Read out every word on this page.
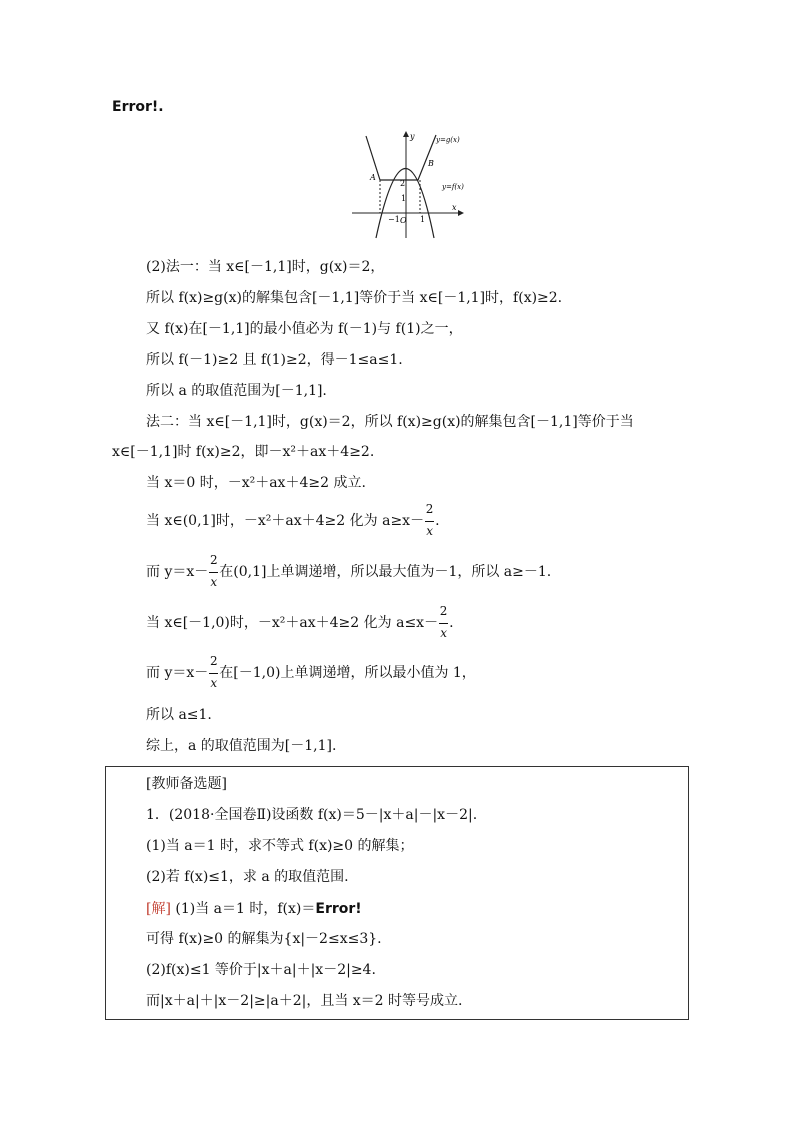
Error!.
y	y=g(x)
B
A
y=f(x)
2
1
−1 O 1
x
(2)法一：当 x∈[－1,1]时，g(x)＝2，
所以 f(x)≥g(x)的解集包含[－1,1]等价于当 x∈[－1,1]时，f(x)≥2.
又 f(x)在[－1,1]的最小值必为 f(－1)与 f(1)之一，
所以 f(－1)≥2 且 f(1)≥2，得－1≤a≤1.
所以 a 的取值范围为[－1,1].
法二：当 x∈[－1,1]时，g(x)＝2，所以 f(x)≥g(x)的解集包含[－1,1]等价于当
x∈[－1,1]时 f(x)≥2，即－x²＋ax＋4≥2.
当 x＝0 时，－x²＋ax＋4≥2 成立.
当 x∈(0,1]时，－x²＋ax＋4≥2 化为 $a\ge x- \frac{2}{x}$ .
而 $y=x- \frac{2}{x}$ 在(0,1]上单调递增，所以最大值为－1，所以 a≥－1.
当 x∈[－1,0)时，－x²＋ax＋4≥2 化为 $a\le x- \frac{2}{x}$ .
而 $y=x- \frac{2}{x}$ 在[－1,0)上单调递增，所以最小值为 1，
所以 a≤1.
综上，a 的取值范围为[－1,1].
[教师备选题]
1．(2018·全国卷Ⅱ)设函数 f(x)＝5－|x＋a|－|x－2|.
(1)当 a＝1 时，求不等式 f(x)≥0 的解集；
(2)若 f(x)≤1，求 a 的取值范围.
[解] (1)当 a＝1 时，f(x)＝Error!
可得 f(x)≥0 的解集为{x|－2≤x≤3}.
(2)f(x)≤1 等价于|x＋a|＋|x－2|≥4.
而|x＋a|＋|x－2|≥|a＋2|，且当 x＝2 时等号成立.
